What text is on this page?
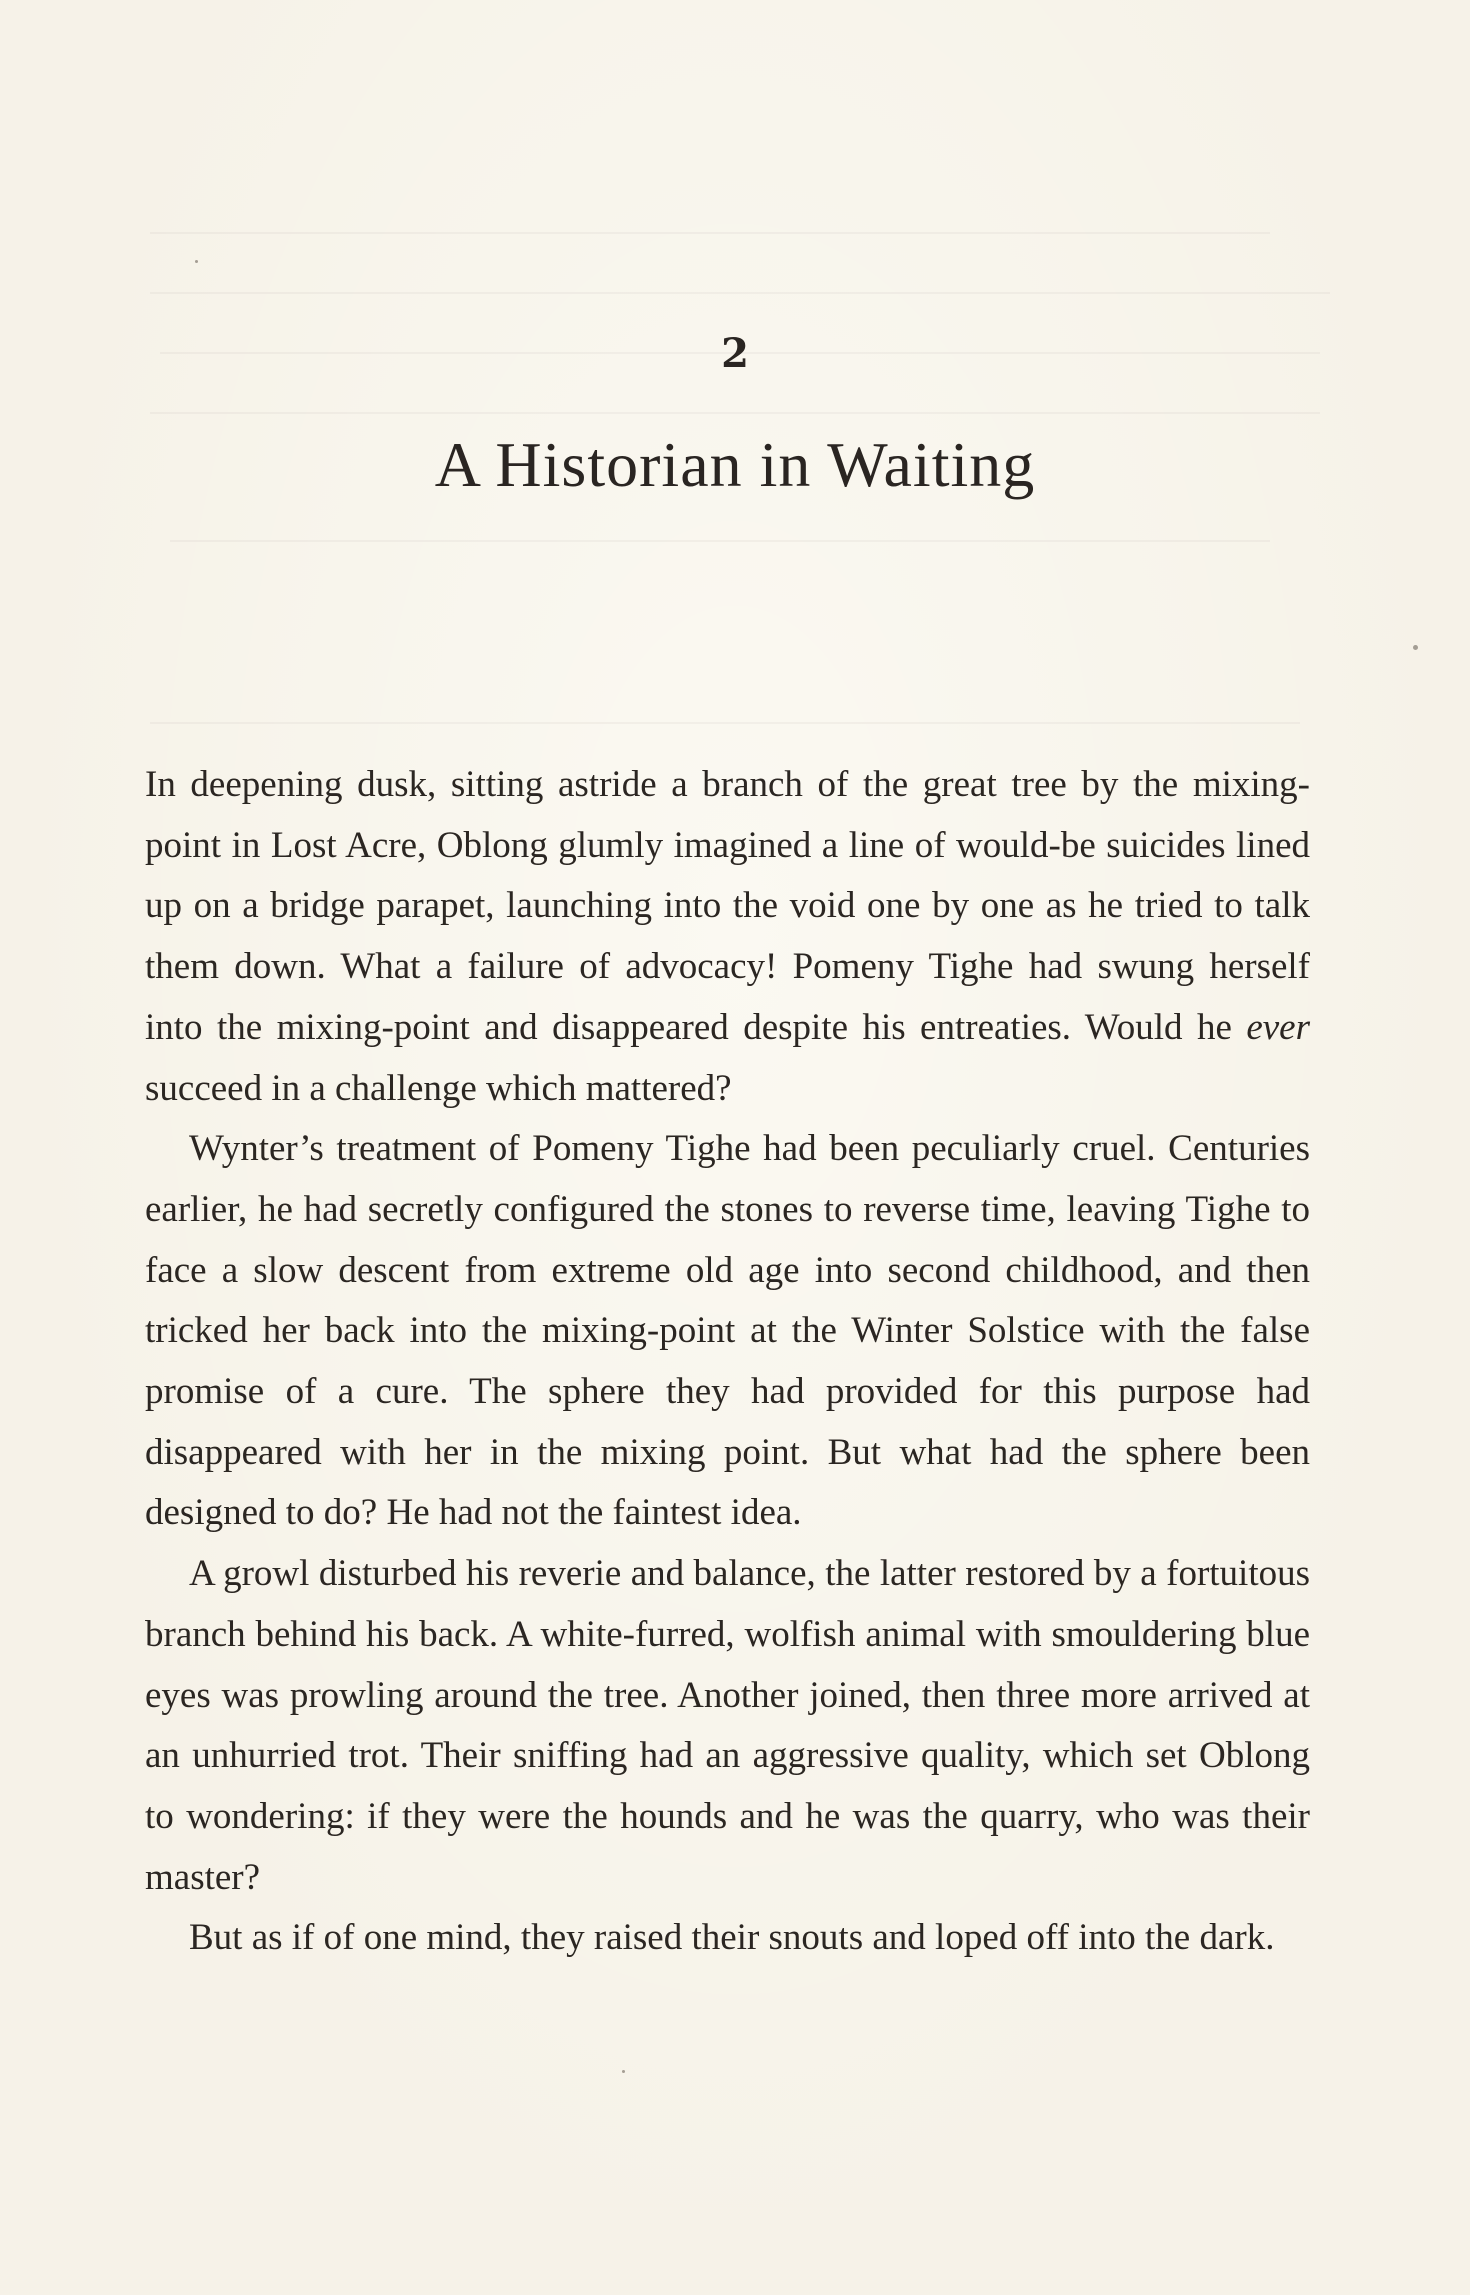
2
A Historian in Waiting

In deepening dusk, sitting astride a branch of the great tree by the mixing-point in Lost Acre, Oblong glumly imagined a line of would-be suicides lined up on a bridge parapet, launching into the void one by one as he tried to talk them down. What a failure of advocacy! Pomeny Tighe had swung herself into the mixing-point and disappeared despite his entreaties. Would he ever succeed in a challenge which mattered?

Wynter’s treatment of Pomeny Tighe had been peculiarly cruel. Centuries earlier, he had secretly configured the stones to reverse time, leaving Tighe to face a slow descent from extreme old age into second childhood, and then tricked her back into the mixing-point at the Winter Solstice with the false promise of a cure. The sphere they had provided for this purpose had disappeared with her in the mixing point. But what had the sphere been designed to do? He had not the faintest idea.

A growl disturbed his reverie and balance, the latter restored by a fortuitous branch behind his back. A white-furred, wolfish animal with smouldering blue eyes was prowling around the tree. Another joined, then three more arrived at an unhurried trot. Their sniffing had an aggressive quality, which set Oblong to wondering: if they were the hounds and he was the quarry, who was their master?

But as if of one mind, they raised their snouts and loped off into the dark.
